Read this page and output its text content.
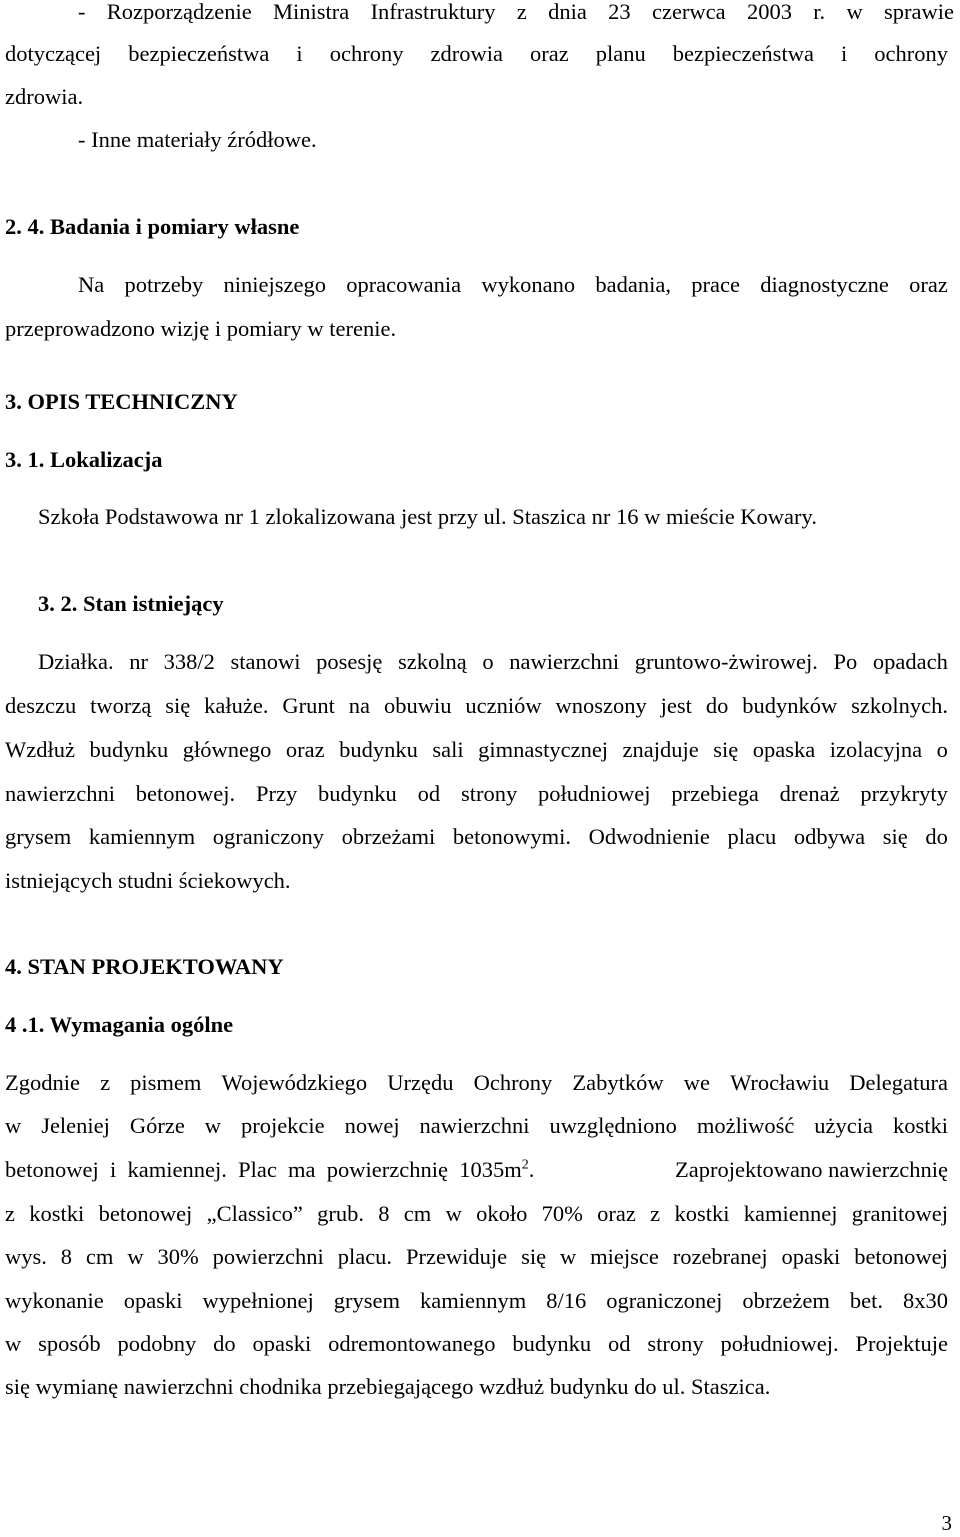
- Rozporządzenie Ministra Infrastruktury z dnia 23 czerwca 2003 r. w sprawie
dotyczącej bezpieczeństwa i ochrony zdrowia oraz planu bezpieczeństwa i ochrony
zdrowia.
- Inne materiały źródłowe.
2. 4. Badania i pomiary własne
Na potrzeby niniejszego opracowania wykonano badania, prace diagnostyczne oraz
przeprowadzono wizję i pomiary w terenie.
3. OPIS TECHNICZNY
3. 1. Lokalizacja
Szkoła Podstawowa nr 1 zlokalizowana jest przy ul. Staszica nr 16 w mieście Kowary.
3. 2. Stan istniejący
Działka. nr 338/2 stanowi posesję szkolną o nawierzchni gruntowo-żwirowej. Po opadach
deszczu tworzą się kałuże. Grunt na obuwiu uczniów wnoszony jest do budynków szkolnych.
Wzdłuż budynku głównego oraz budynku sali gimnastycznej znajduje się opaska izolacyjna o
nawierzchni betonowej. Przy budynku od strony południowej przebiega drenaż przykryty
grysem kamiennym ograniczony obrzeżami betonowymi. Odwodnienie placu odbywa się do
istniejących studni ściekowych.
4. STAN PROJEKTOWANY
4 .1. Wymagania ogólne
Zgodnie z pismem Wojewódzkiego Urzędu Ochrony Zabytków we Wrocławiu Delegatura
w Jeleniej Górze w projekcie nowej nawierzchni uwzględniono możliwość użycia kostki
betonowej  i  kamiennej.  Plac  ma  powierzchnię  $1035m^2$.	Zaprojektowano nawierzchnię
z kostki betonowej „Classico” grub. 8 cm w około 70% oraz z kostki kamiennej granitowej
wys. 8 cm w 30% powierzchni placu. Przewiduje się w miejsce rozebranej opaski betonowej
wykonanie opaski wypełnionej grysem kamiennym 8/16 ograniczonej obrzeżem bet. 8x30
w sposób podobny do opaski odremontowanego budynku od strony południowej. Projektuje
się wymianę nawierzchni chodnika przebiegającego wzdłuż budynku do ul. Staszica.
3
